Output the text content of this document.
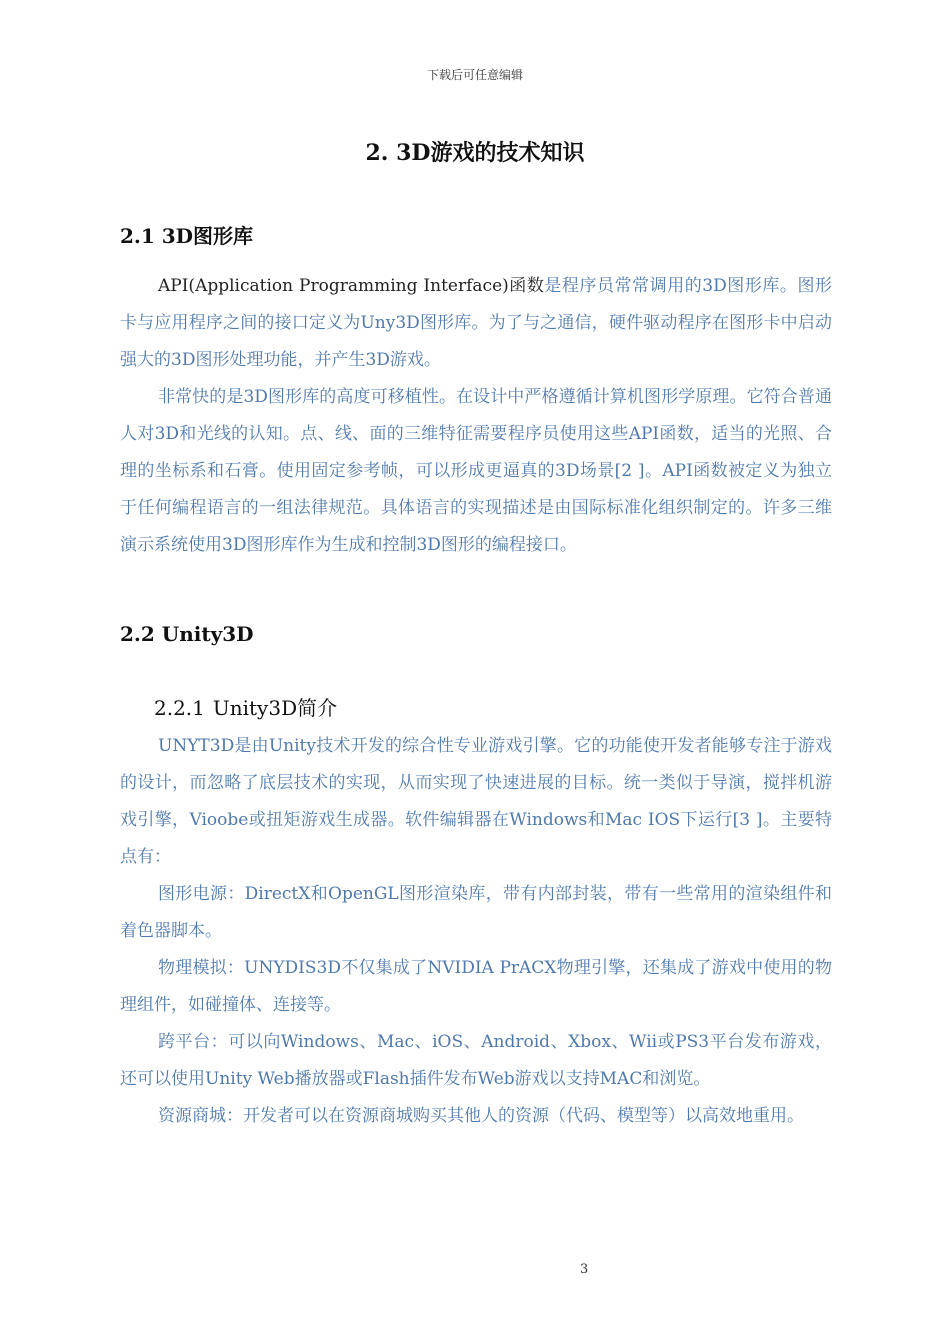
下载后可任意编辑
2. 3D游戏的技术知识
2.1 3D图形库

API(Application Programming Interface)函数是程序员常常调用的3D图形库。图形卡与应用程序之间的接口定义为Uny3D图形库。为了与之通信，硬件驱动程序在图形卡中启动强大的3D图形处理功能，并产生3D游戏。

非常快的是3D图形库的高度可移植性。在设计中严格遵循计算机图形学原理。它符合普通人对3D和光线的认知。点、线、面的三维特征需要程序员使用这些API函数，适当的光照、合理的坐标系和石膏。使用固定参考帧，可以形成更逼真的3D场景[2 ]。API函数被定义为独立于任何编程语言的一组法律规范。具体语言的实现描述是由国际标准化组织制定的。许多三维演示系统使用3D图形库作为生成和控制3D图形的编程接口。

2.2 Unity3D
2.2.1 Unity3D简介

UNYT3D是由Unity技术开发的综合性专业游戏引擎。它的功能使开发者能够专注于游戏的设计，而忽略了底层技术的实现，从而实现了快速进展的目标。统一类似于导演，搅拌机游戏引擎，Vioobe或扭矩游戏生成器。软件编辑器在Windows和Mac IOS下运行[3 ]。主要特点有：

图形电源：DirectX和OpenGL图形渲染库，带有内部封装，带有一些常用的渲染组件和着色器脚本。

物理模拟：UNYDIS3D不仅集成了NVIDIA PrACX物理引擎，还集成了游戏中使用的物理组件，如碰撞体、连接等。

跨平台：可以向Windows、Mac、iOS、Android、Xbox、Wii或PS3平台发布游戏，还可以使用Unity Web播放器或Flash插件发布Web游戏以支持MAC和浏览。

资源商城：开发者可以在资源商城购买其他人的资源（代码、模型等）以高效地重用。

3
